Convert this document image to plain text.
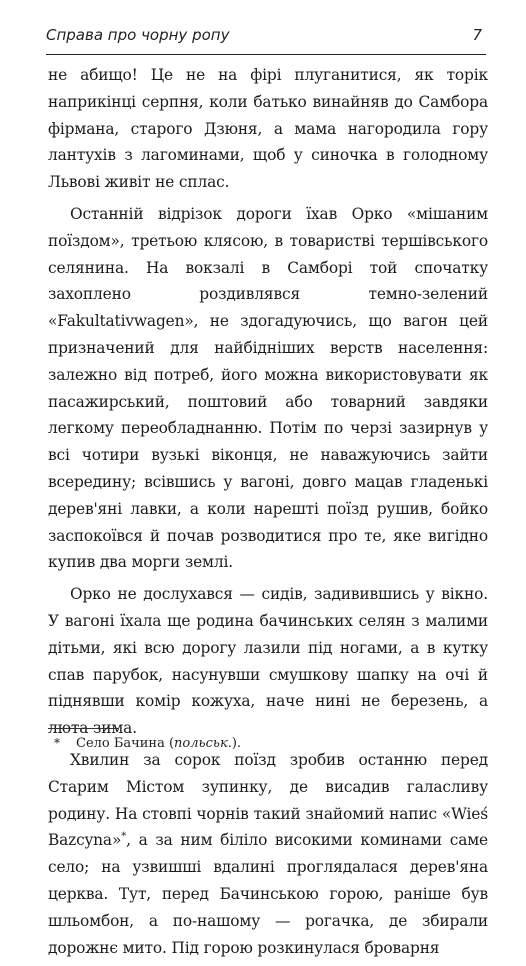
Справа про чорну ропу	7

не абищо! Це не на фірі плуганитися, як торік наприкінці серпня, коли батько винайняв до Самбора фірмана, старого Дзюня, а мама нагородила гору лантухів з лагоминами, щоб у синочка в голодному Львові живіт не сплас.

Останній відрізок дороги їхав Орко «мішаним поїздом», третьою клясою, в товаристві тершівського селянина. На вокзалі в Самборі той спочатку захоплено роздивлявся темно-зелений «Fakultativwagen», не здогадуючись, що вагон цей призначений для найбідніших верств населення: залежно від потреб, його можна використовувати як пасажирський, поштовий або товарний завдяки легкому переобладнанню. Потім по черзі зазирнув у всі чотири вузькі віконця, не наважуючись зайти всередину; всівшись у вагоні, довго мацав гладенькі дерев'яні лавки, а коли нарешті поїзд рушив, бойко заспокоївся й почав розводитися про те, яке вигідно купив два морги землі.

Орко не дослухався — сидів, задивившись у вікно. У вагоні їхала ще родина бачинських селян з малими дітьми, які всю дорогу лазили під ногами, а в кутку спав парубок, насунувши смушкову шапку на очі й піднявши комір кожуха, наче нині не березень, а люта зима.

Хвилин за сорок поїзд зробив останню перед Старим Містом зупинку, де висадив галасливу родину. На стовпі чорнів такий знайомий напис «Wieś Bazcyna»*, а за ним біліло високими коминами саме село; на узвишші вдалині проглядалася дерев'яна церква. Тут, перед Бачинською горою, раніше був шльомбон, а по-нашому — рогачка, де збирали дорожнє мито. Під горою розкинулася броварня

* Село Бачина (польськ.).
